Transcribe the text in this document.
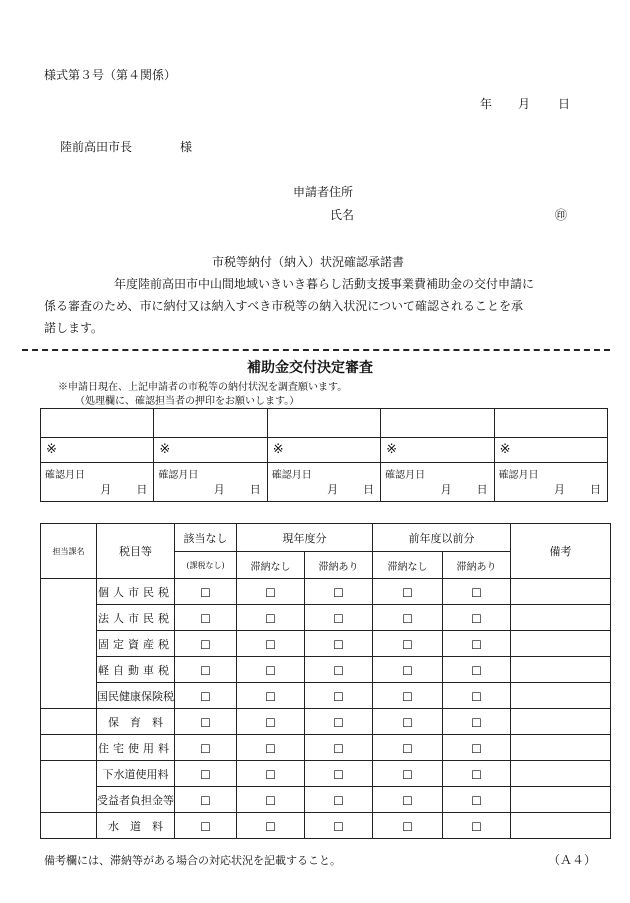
様式第３号（第４関係）
年 月 日
陸前高田市長	様
申請者住所
氏名	㊞
市税等納付（納入）状況確認承諾書
年度陸前高田市中山間地域いきいき暮らし活動支援事業費補助金の交付申請に
係る審査のため、市に納付又は納入すべき市税等の納入状況について確認されることを承
諾します。
補助金交付決定審査
※申請日現在、上記申請者の市税等の納付状況を調査願います。
（処理欄に、確認担当者の押印をお願いします。）

※	※	※	※	※

確認月日
月 日	確認月日
月 日	確認月日
月 日	確認月日
月 日	確認月日
月 日
担当課名	税目等	該当なし	現年度分		前年度以前分		備考
		(課税なし)	滞納なし	滞納あり	滞納なし	滞納あり	
	個人市民税	☐	☐	☐	☐	☐	
	法人市民税	☐	☐	☐	☐	☐	
	固定資産税	☐	☐	☐	☐	☐	
	軽自動車税	☐	☐	☐	☐	☐	
	国民健康保険税	☐	☐	☐	☐	☐	
	保　育　料	☐	☐	☐	☐	☐	
	住宅使用料	☐	☐	☐	☐	☐	
	下水道使用料	☐	☐	☐	☐	☐	
	受益者負担金等	☐	☐	☐	☐	☐	
	水　道　料	☐	☐	☐	☐	☐	
備考欄には、滞納等がある場合の対応状況を記載すること。	（Ａ４）
